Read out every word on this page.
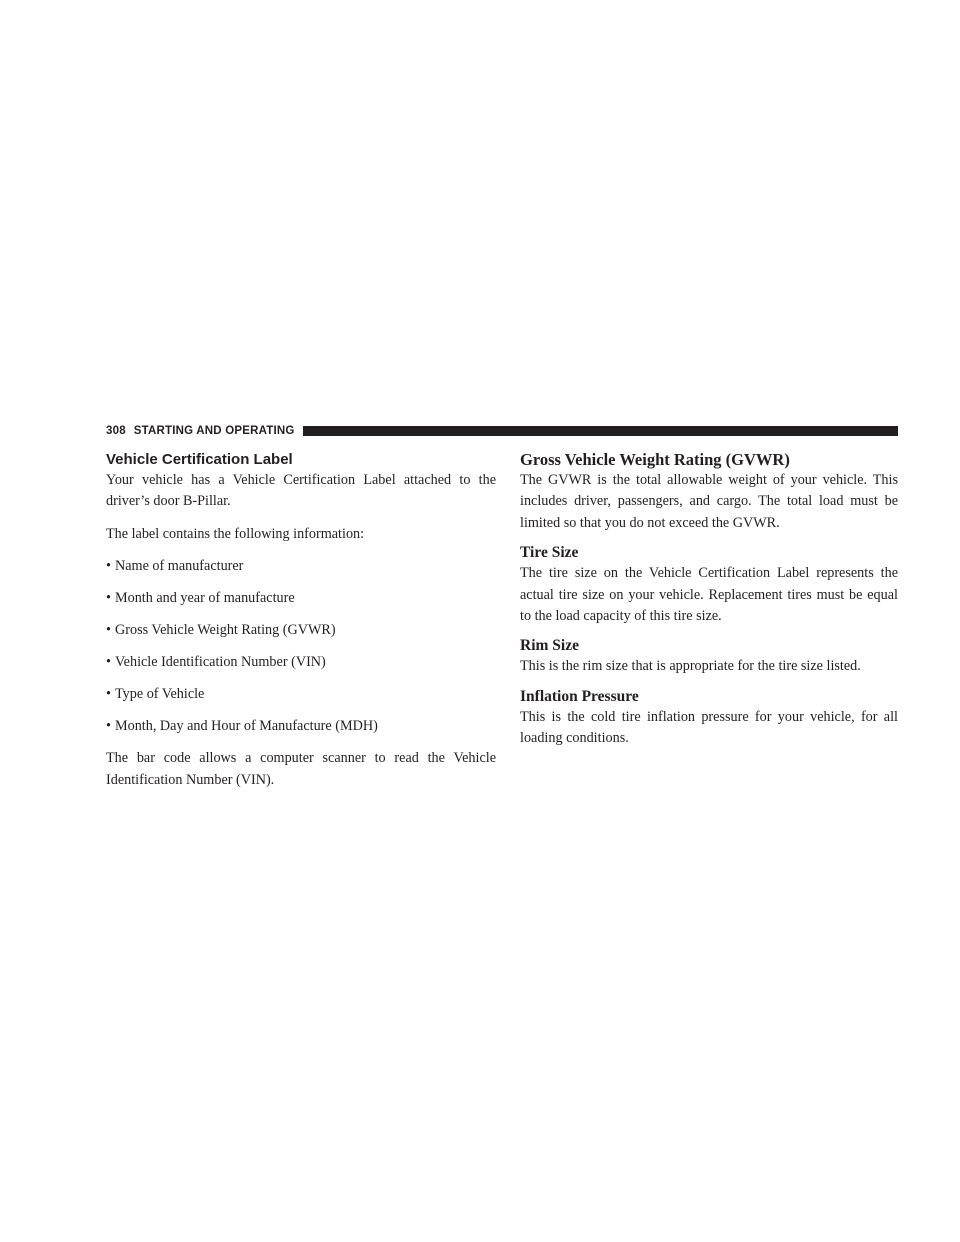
308 STARTING AND OPERATING
Vehicle Certification Label

Your vehicle has a Vehicle Certification Label attached to the driver’s door B-Pillar.

The label contains the following information:

• Name of manufacturer
• Month and year of manufacture
• Gross Vehicle Weight Rating (GVWR)
• Vehicle Identification Number (VIN)
• Type of Vehicle
• Month, Day and Hour of Manufacture (MDH)

The bar code allows a computer scanner to read the Vehicle Identification Number (VIN).

Gross Vehicle Weight Rating (GVWR)

The GVWR is the total allowable weight of your vehicle. This includes driver, passengers, and cargo. The total load must be limited so that you do not exceed the GVWR.

Tire Size

The tire size on the Vehicle Certification Label represents the actual tire size on your vehicle. Replacement tires must be equal to the load capacity of this tire size.

Rim Size

This is the rim size that is appropriate for the tire size listed.

Inflation Pressure

This is the cold tire inflation pressure for your vehicle, for all loading conditions.
